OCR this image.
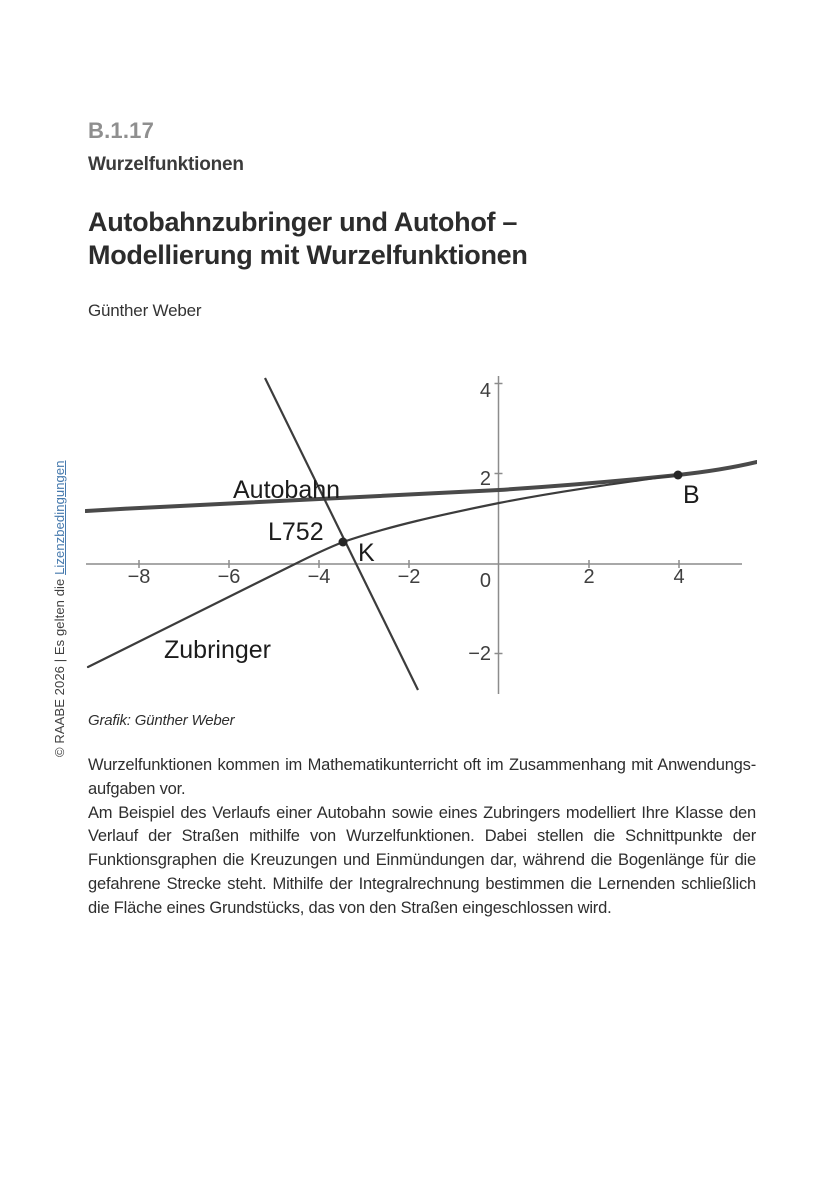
B.1.17
Wurzelfunktionen
Autobahnzubringer und Autohof –
Modellierung mit Wurzelfunktionen
Günther Weber
−8	−6	−4	−2	2	4
4
2
−2
0
Autobahn
L752
K
B
Zubringer
Grafik: Günther Weber
Wurzelfunktionen kommen im Mathematikunterricht oft im Zusammenhang mit Anwendungs-
aufgaben vor.
Am Beispiel des Verlaufs einer Autobahn sowie eines Zubringers modelliert Ihre Klasse den
Verlauf der Straßen mithilfe von Wurzelfunktionen. Dabei stellen die Schnittpunkte der
Funktionsgraphen die Kreuzungen und Einmündungen dar, während die Bogenlänge für die
gefahrene Strecke steht. Mithilfe der Integralrechnung bestimmen die Lernenden schließlich
die Fläche eines Grundstücks, das von den Straßen eingeschlossen wird.
© RAABE 2026 | Es gelten die Lizenzbedingungen
